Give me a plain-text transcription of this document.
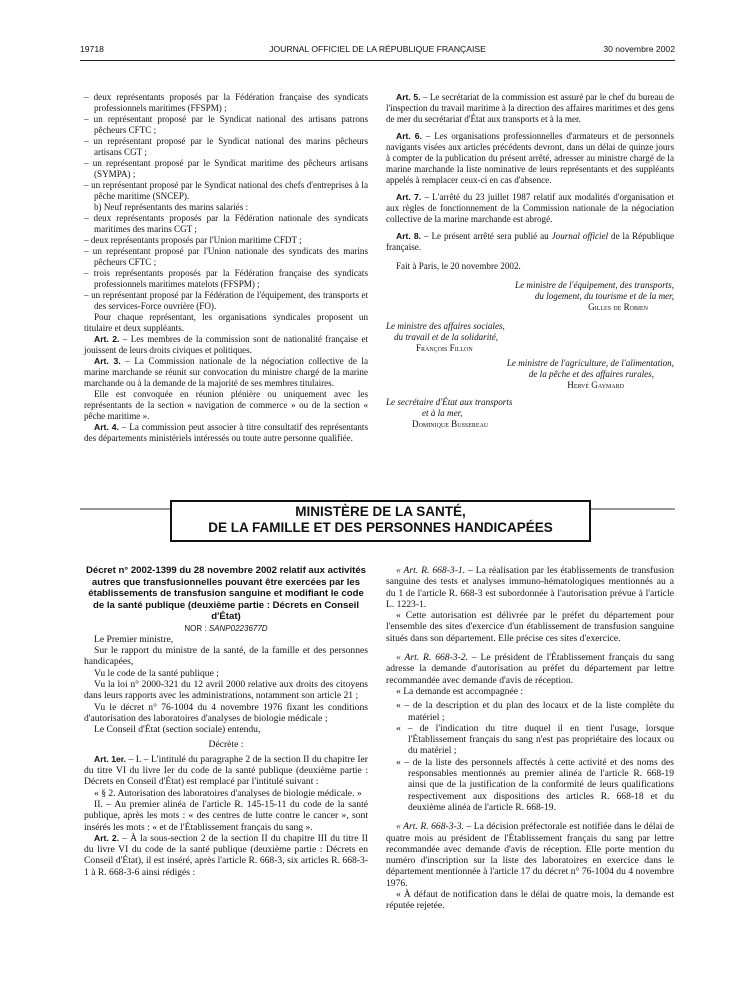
19718	JOURNAL OFFICIEL DE LA RÉPUBLIQUE FRANÇAISE	30 novembre 2002

– deux représentants proposés par la Fédération française des syndicats professionnels maritimes (FFSPM) ;

– un représentant proposé par le Syndicat national des artisans patrons pêcheurs CFTC ;

– un représentant proposé par le Syndicat national des marins pêcheurs artisans CGT ;

– un représentant proposé par le Syndicat maritime des pêcheurs artisans (SYMPA) ;

– un représentant proposé par le Syndicat national des chefs d'entreprises à la pêche maritime (SNCEP).

b) Neuf représentants des marins salariés :

– deux représentants proposés par la Fédération nationale des syndicats maritimes des marins CGT ;

– deux représentants proposés par l'Union maritime CFDT ;

– un représentant proposé par l'Union nationale des syndicats des marins pêcheurs CFTC ;

– trois représentants proposés par la Fédération française des syndicats professionnels maritimes matelots (FFSPM) ;

– un représentant proposé par la Fédération de l'équipement, des transports et des services-Force ouvrière (FO).

Pour chaque représentant, les organisations syndicales proposent un titulaire et deux suppléants.

Art. 2. – Les membres de la commission sont de nationalité française et jouissent de leurs droits civiques et politiques.

Art. 3. – La Commission nationale de la négociation collective de la marine marchande se réunit sur convocation du ministre chargé de la marine marchande ou à la demande de la majorité de ses membres titulaires.

Elle est convoquée en réunion plénière ou uniquement avec les représentants de la section « navigation de commerce » ou de la section « pêche maritime ».

Art. 4. – La commission peut associer à titre consultatif des représentants des départements ministériels intéressés ou toute autre personne qualifiée.

Art. 5. – Le secrétariat de la commission est assuré par le chef du bureau de l'inspection du travail maritime à la direction des affaires maritimes et des gens de mer du secrétariat d'État aux transports et à la mer.

Art. 6. – Les organisations professionnelles d'armateurs et de personnels navigants visées aux articles précédents devront, dans un délai de quinze jours à compter de la publication du présent arrêté, adresser au ministre chargé de la marine marchande la liste nominative de leurs représentants et des suppléants appelés à remplacer ceux-ci en cas d'absence.

Art. 7. – L'arrêté du 23 juillet 1987 relatif aux modalités d'organisation et aux règles de fonctionnement de la Commission nationale de la négociation collective de la marine marchande est abrogé.

Art. 8. – Le présent arrêté sera publié au Journal officiel de la République française.

Fait à Paris, le 20 novembre 2002.

Le ministre de l'équipement, des transports,

du logement, du tourisme et de la mer,

Gilles de Robien

Le ministre des affaires sociales,

du travail et de la solidarité,

François Fillon

Le ministre de l'agriculture, de l'alimentation,

de la pêche et des affaires rurales,

Hervé Gaymard

Le secrétaire d'État aux transports

et à la mer,

Dominique Bussereau

MINISTÈRE DE LA SANTÉ,
DE LA FAMILLE ET DES PERSONNES HANDICAPÉES

Décret n° 2002-1399 du 28 novembre 2002 relatif aux activités autres que transfusionnelles pouvant être exercées par les établissements de transfusion sanguine et modifiant le code de la santé publique (deuxième partie : Décrets en Conseil d'État)

NOR : SANP0223677D

Le Premier ministre,

Sur le rapport du ministre de la santé, de la famille et des personnes handicapées,

Vu le code de la santé publique ;

Vu la loi n° 2000-321 du 12 avril 2000 relative aux droits des citoyens dans leurs rapports avec les administrations, notamment son article 21 ;

Vu le décret n° 76-1004 du 4 novembre 1976 fixant les conditions d'autorisation des laboratoires d'analyses de biologie médicale ;

Le Conseil d'État (section sociale) entendu,

Décrète :

Art. 1er. – I. – L'intitulé du paragraphe 2 de la section II du chapitre Ier du titre VI du livre Ier du code de la santé publique (deuxième partie : Décrets en Conseil d'État) est remplacé par l'intitulé suivant :

« § 2. Autorisation des laboratoires d'analyses de biologie médicale. »

II. – Au premier alinéa de l'article R. 145-15-11 du code de la santé publique, après les mots : « des centres de lutte contre le cancer », sont insérés les mots : « et de l'Établissement français du sang ».

Art. 2. – À la sous-section 2 de la section II du chapitre III du titre II du livre VI du code de la santé publique (deuxième partie : Décrets en Conseil d'État), il est inséré, après l'article R. 668-3, six articles R. 668-3-1 à R. 668-3-6 ainsi rédigés :

« Art. R. 668-3-1. – La réalisation par les établissements de transfusion sanguine des tests et analyses immuno-hématologiques mentionnés au a du 1 de l'article R. 668-3 est subordonnée à l'autorisation prévue à l'article L. 1223-1.

« Cette autorisation est délivrée par le préfet du département pour l'ensemble des sites d'exercice d'un établissement de transfusion sanguine situés dans son département. Elle précise ces sites d'exercice.

« Art. R. 668-3-2. – Le président de l'Établissement français du sang adresse la demande d'autorisation au préfet du département par lettre recommandée avec demande d'avis de réception.

« La demande est accompagnée :

« – de la description et du plan des locaux et de la liste complète du matériel ;

« – de l'indication du titre duquel il en tient l'usage, lorsque l'Établissement français du sang n'est pas propriétaire des locaux ou du matériel ;

« – de la liste des personnels affectés à cette activité et des noms des responsables mentionnés au premier alinéa de l'article R. 668-19 ainsi que de la justification de la conformité de leurs qualifications respectivement aux dispositions des articles R. 668-18 et du deuxième alinéa de l'article R. 668-19.

« Art. R. 668-3-3. – La décision préfectorale est notifiée dans le délai de quatre mois au président de l'Établissement français du sang par lettre recommandée avec demande d'avis de réception. Elle porte mention du numéro d'inscription sur la liste des laboratoires en exercice dans le département mentionnée à l'article 17 du décret n° 76-1004 du 4 novembre 1976.

« À défaut de notification dans le délai de quatre mois, la demande est réputée rejetée.
